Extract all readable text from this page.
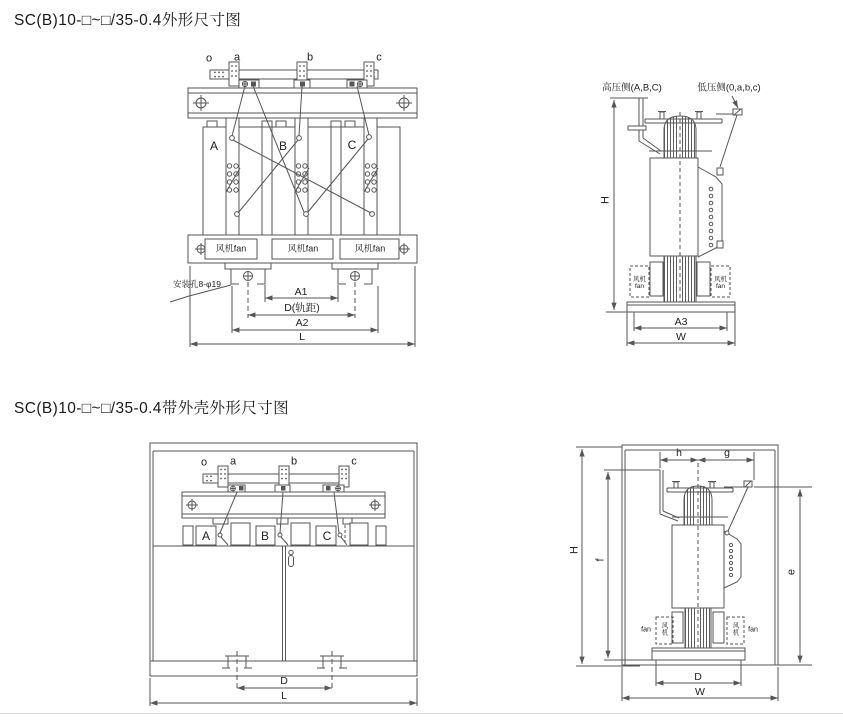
SC(B)10-□~□/35-0.4外形尺寸图
SC(B)10-□~□/35-0.4带外壳外形尺寸图
o a	b	c
A	B	C
风机fan	风机fan	风机fan
安装孔8-φ19
A1
D(轨距)
A2
L
高压侧(A,B,C)	低压侧(0,a,b,c)
H
风机
fan
风机
fan
A3
W
o a	b	c
A	B	C
D
L
h	g
H
f
e
风机
风机
fan	fan
D
W
